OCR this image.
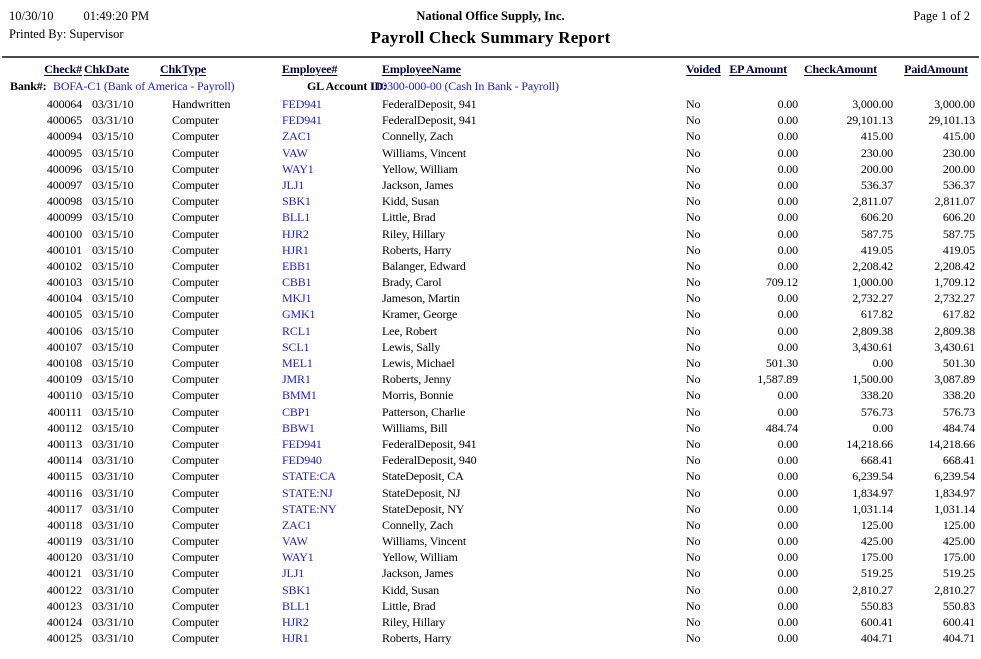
10/30/10 01:49:20 PM
Printed By: Supervisor
National Office Supply, Inc.
Payroll Check Summary Report
Page 1 of 2
Check# ChkDate	ChkType	Employee#	EmployeeName	Voided EP Amount	CheckAmount	PaidAmount
Bank#: BOFA-C1 (Bank of America - Payroll)	GL Account ID:
110300-000-00 (Cash In Bank - Payroll)
400064 03/31/10	Handwritten	FED941	FederalDeposit, 941	No	0.00	3,000.00	3,000.00
400065 03/31/10	Computer	FED941	FederalDeposit, 941	No	0.00	29,101.13	29,101.13
400094 03/15/10	Computer	ZAC1	Connelly, Zach	No	0.00	415.00	415.00
400095 03/15/10	Computer	VAW	Williams, Vincent	No	0.00	230.00	230.00
400096 03/15/10	Computer	WAY1	Yellow, William	No	0.00	200.00	200.00
400097 03/15/10	Computer	JLJ1	Jackson, James	No	0.00	536.37	536.37
400098 03/15/10	Computer	SBK1	Kidd, Susan	No	0.00	2,811.07	2,811.07
400099 03/15/10	Computer	BLL1	Little, Brad	No	0.00	606.20	606.20
400100 03/15/10	Computer	HJR2	Riley, Hillary	No	0.00	587.75	587.75
400101 03/15/10	Computer	HJR1	Roberts, Harry	No	0.00	419.05	419.05
400102 03/15/10	Computer	EBB1	Balanger, Edward	No	0.00	2,208.42	2,208.42
400103 03/15/10	Computer	CBB1	Brady, Carol	No	709.12	1,000.00	1,709.12
400104 03/15/10	Computer	MKJ1	Jameson, Martin	No	0.00	2,732.27	2,732.27
400105 03/15/10	Computer	GMK1	Kramer, George	No	0.00	617.82	617.82
400106 03/15/10	Computer	RCL1	Lee, Robert	No	0.00	2,809.38	2,809.38
400107 03/15/10	Computer	SCL1	Lewis, Sally	No	0.00	3,430.61	3,430.61
400108 03/15/10	Computer	MEL1	Lewis, Michael	No	501.30	0.00	501.30
400109 03/15/10	Computer	JMR1	Roberts, Jenny	No	1,587.89	1,500.00	3,087.89
400110 03/15/10	Computer	BMM1	Morris, Bonnie	No	0.00	338.20	338.20
400111 03/15/10	Computer	CBP1	Patterson, Charlie	No	0.00	576.73	576.73
400112 03/15/10	Computer	BBW1	Williams, Bill	No	484.74	0.00	484.74
400113 03/31/10	Computer	FED941	FederalDeposit, 941	No	0.00	14,218.66	14,218.66
400114 03/31/10	Computer	FED940	FederalDeposit, 940	No	0.00	668.41	668.41
400115 03/31/10	Computer	STATE:CA	StateDeposit, CA	No	0.00	6,239.54	6,239.54
400116 03/31/10	Computer	STATE:NJ	StateDeposit, NJ	No	0.00	1,834.97	1,834.97
400117 03/31/10	Computer	STATE:NY	StateDeposit, NY	No	0.00	1,031.14	1,031.14
400118 03/31/10	Computer	ZAC1	Connelly, Zach	No	0.00	125.00	125.00
400119 03/31/10	Computer	VAW	Williams, Vincent	No	0.00	425.00	425.00
400120 03/31/10	Computer	WAY1	Yellow, William	No	0.00	175.00	175.00
400121 03/31/10	Computer	JLJ1	Jackson, James	No	0.00	519.25	519.25
400122 03/31/10	Computer	SBK1	Kidd, Susan	No	0.00	2,810.27	2,810.27
400123 03/31/10	Computer	BLL1	Little, Brad	No	0.00	550.83	550.83
400124 03/31/10	Computer	HJR2	Riley, Hillary	No	0.00	600.41	600.41
400125 03/31/10	Computer	HJR1	Roberts, Harry	No	0.00	404.71	404.71
